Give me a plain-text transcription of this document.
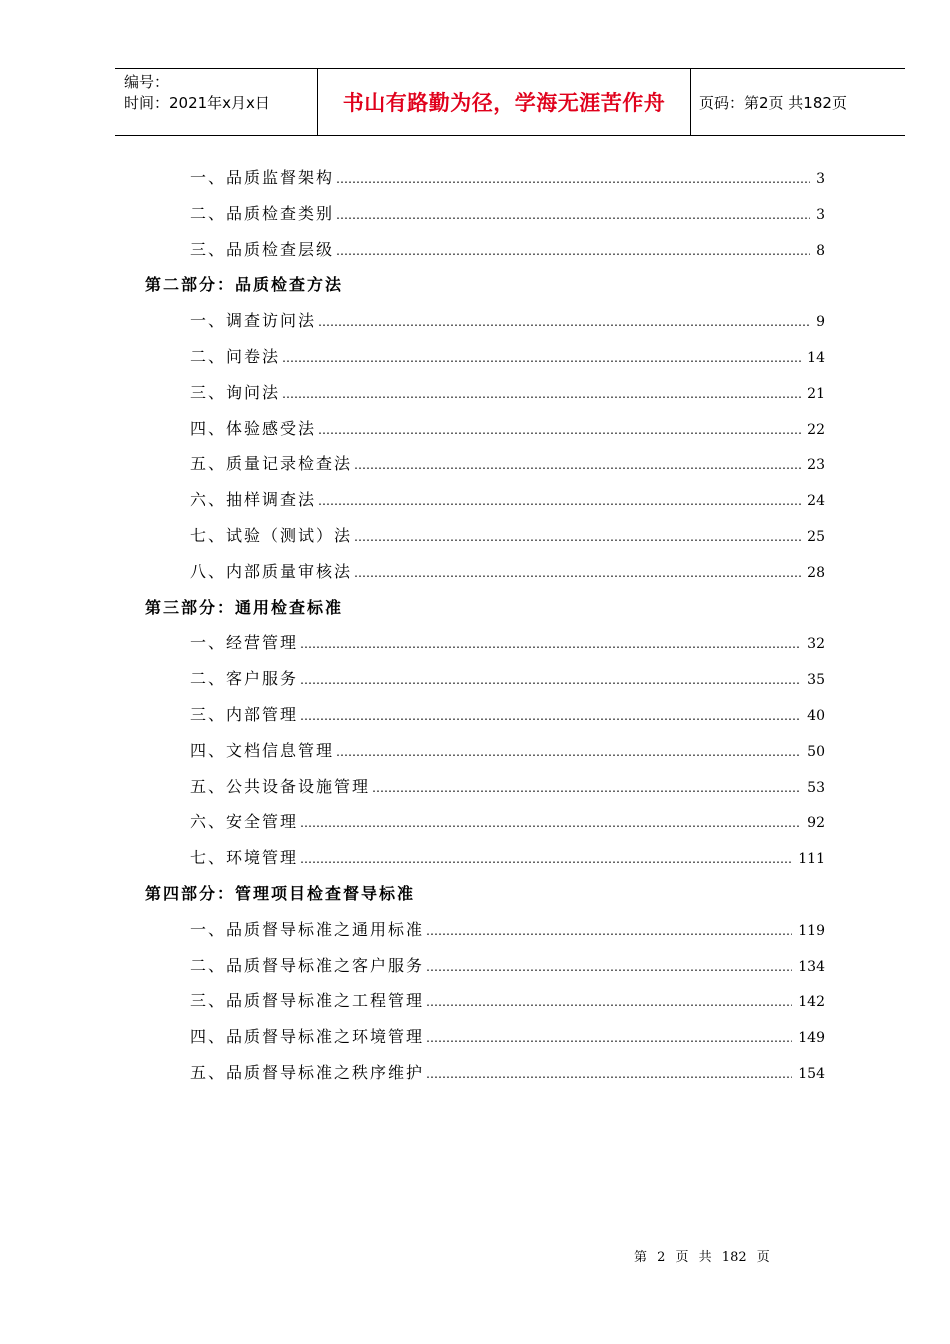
编号：
时间：2021年x月x日	书山有路勤为径，学海无涯苦作舟	页码：第2页 共182页
一、品质监督架构 ………………………………………………………………………………………………………………………………………………	3
二、品质检查类别 ………………………………………………………………………………………………………………………………………………	3
三、品质检查层级 ………………………………………………………………………………………………………………………………………………	8
第二部分：品质检查方法
一、调查访问法 ………………………………………………………………………………………………………………………………………………	9
二、问卷法 ………………………………………………………………………………………………………………………………………………	14
三、询问法 ………………………………………………………………………………………………………………………………………………	21
四、体验感受法 ………………………………………………………………………………………………………………………………………………	22
五、质量记录检查法 ………………………………………………………………………………………………………………………………………………	23
六、抽样调查法 ………………………………………………………………………………………………………………………………………………	24
七、试验（测试）法 ………………………………………………………………………………………………………………………………………………	25
八、内部质量审核法 ………………………………………………………………………………………………………………………………………………	28
第三部分：通用检查标准
一、经营管理 ………………………………………………………………………………………………………………………………………………	32
二、客户服务 ………………………………………………………………………………………………………………………………………………	35
三、内部管理 ………………………………………………………………………………………………………………………………………………	40
四、文档信息管理 ………………………………………………………………………………………………………………………………………………	50
五、公共设备设施管理 ………………………………………………………………………………………………………………………………………………	53
六、安全管理 ………………………………………………………………………………………………………………………………………………	92
七、环境管理 ………………………………………………………………………………………………………………………………………………	111
第四部分：管理项目检查督导标准
一、品质督导标准之通用标准 ………………………………………………………………………………………………………………………………………………	119
二、品质督导标准之客户服务 ………………………………………………………………………………………………………………………………………………	134
三、品质督导标准之工程管理 ………………………………………………………………………………………………………………………………………………	142
四、品质督导标准之环境管理 ………………………………………………………………………………………………………………………………………………	149
五、品质督导标准之秩序维护 ………………………………………………………………………………………………………………………………………………	154
第 2 页 共 182 页
